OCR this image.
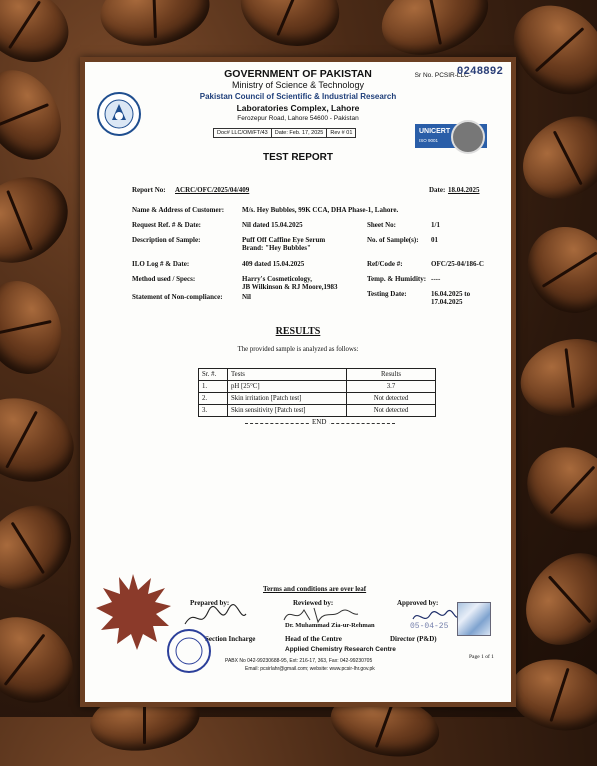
Sr No. PCSIR-LLC-
0248892
GOVERNMENT OF PAKISTAN
Ministry of Science & Technology
Pakistan Council of Scientific & Industrial Research
Laboratories Complex, Lahore
Ferozepur Road, Lahore 54600 - Pakistan
Doc# LLC/OM/FT/43	Date: Feb. 17, 2025	Rev # 01	UNICERT
ISO 9001
TEST REPORT
Report No: ACRC/OFC/2025/04/409	Date: 18.04.2025
Name & Address of Customer:	M/s. Hey Bubbles, 99K CCA, DHA Phase-1, Lahore.
Request Ref. # & Date:	Nil dated 15.04.2025
Description of Sample:	Puff Off Caffine Eye Serum
Brand: "Hey Bubbles"
ILO Log # & Date:	409 dated 15.04.2025
Method used / Specs:	Harry's Cosmeticology,
JB Wilkinson & RJ Moore,1983
Statement of Non-compliance:	Nil
Sheet No:	1/1
No. of Sample(s): 01
Ref/Code #:	OFC/25-04/186-C
Temp. & Humidity: ----
Testing Date:	16.04.2025 to
17.04.2025
RESULTS
The provided sample is analyzed as follows:
Sr. #.	Tests	Results
1.	pH [25°C]	3.7
2.	Skin irritation [Patch test]	Not detected
3.	Skin sensitivity [Patch test]	Not detected
END
Terms and conditions are over leaf
Prepared by:	Reviewed by:	Approved by:
Dr. Muhammad Zia-ur-Rehman
Section Incharge	Head of the Centre	Director (P&D)
Applied Chemistry Research Centre
05-04-25
PABX No 042-99230688-95, Ext: 216-17, 363, Fax: 042-99230705
Email: pcsirlahr@gmail.com; website: www.pcsir-lhr.gov.pk
Page 1 of 1
